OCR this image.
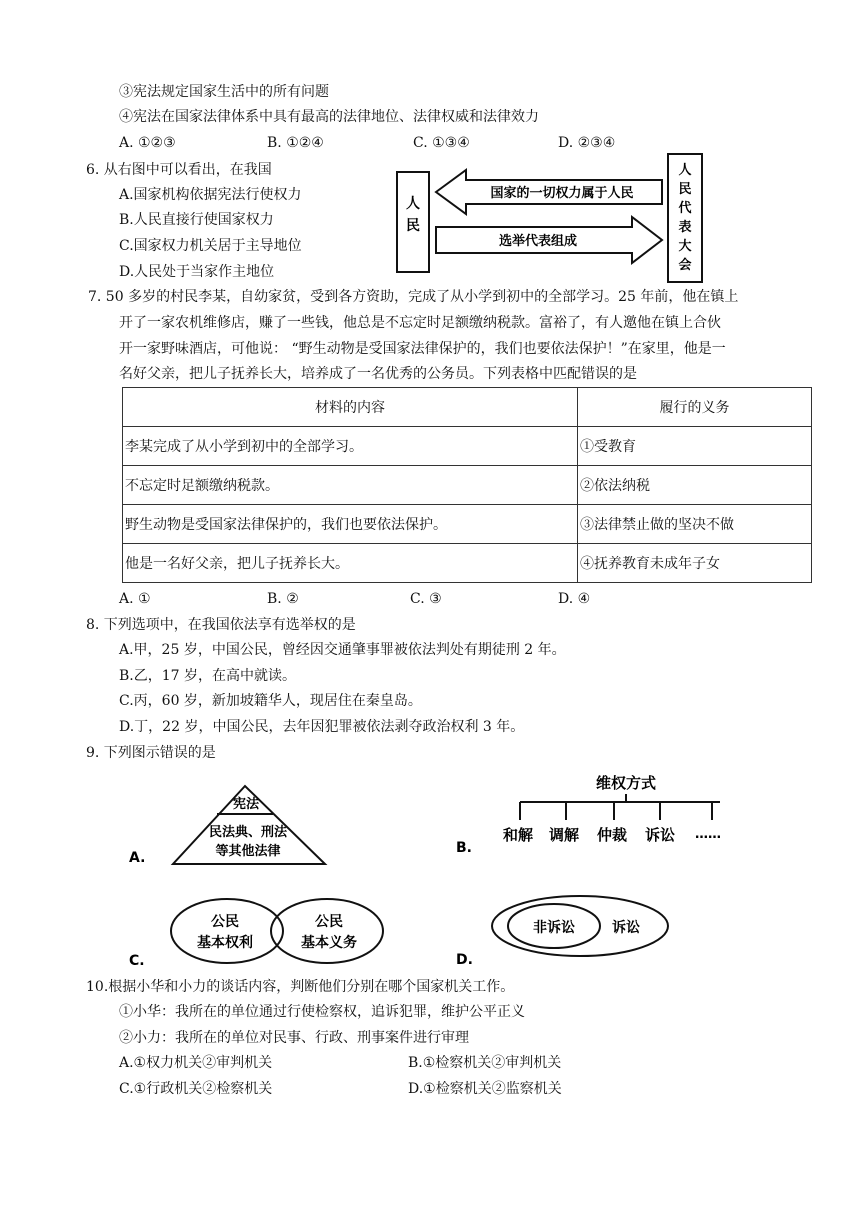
③宪法规定国家生活中的所有问题
④宪法在国家法律体系中具有最高的法律地位、法律权威和法律效力
A. ①②③	B. ①②④	C. ①③④	D. ②③④
6. 从右图中可以看出，在我国
A.国家机构依据宪法行使权力
B.人民直接行使国家权力
C.国家权力机关居于主导地位
D.人民处于当家作主地位
人
民
人
民
代
表
大
会
国家的一切权力属于人民
选举代表组成
7. 50 多岁的村民李某，自幼家贫，受到各方资助，完成了从小学到初中的全部学习。25 年前，他在镇上
开了一家农机维修店，赚了一些钱，他总是不忘定时足额缴纳税款。富裕了，有人邀他在镇上合伙
开一家野味酒店，可他说： “野生动物是受国家法律保护的，我们也要依法保护！”在家里，他是一
名好父亲，把儿子抚养长大，培养成了一名优秀的公务员。下列表格中匹配错误的是
材料的内容	履行的义务
李某完成了从小学到初中的全部学习。	①受教育
不忘定时足额缴纳税款。	②依法纳税
野生动物是受国家法律保护的，我们也要依法保护。	③法律禁止做的坚决不做
他是一名好父亲，把儿子抚养长大。	④抚养教育未成年子女
A. ①	B. ②	C. ③	D. ④
8. 下列选项中，在我国依法享有选举权的是
A.甲，25 岁，中国公民，曾经因交通肇事罪被依法判处有期徒刑 2 年。
B.乙，17 岁，在高中就读。
C.丙，60 岁，新加坡籍华人，现居住在秦皇岛。
D.丁，22 岁，中国公民，去年因犯罪被依法剥夺政治权利 3 年。
9. 下列图示错误的是
A.
宪法
民法典、刑法
等其他法律
维权方式
B.
和解 调解 仲裁 诉讼 ……
C.
公民
基本权利
公民
基本义务
D.
非诉讼	诉讼
10.根据小华和小力的谈话内容，判断他们分别在哪个国家机关工作。
①小华：我所在的单位通过行使检察权，追诉犯罪，维护公平正义
②小力：我所在的单位对民事、行政、刑事案件进行审理
A.①权力机关②审判机关	B.①检察机关②审判机关
C.①行政机关②检察机关	D.①检察机关②监察机关
